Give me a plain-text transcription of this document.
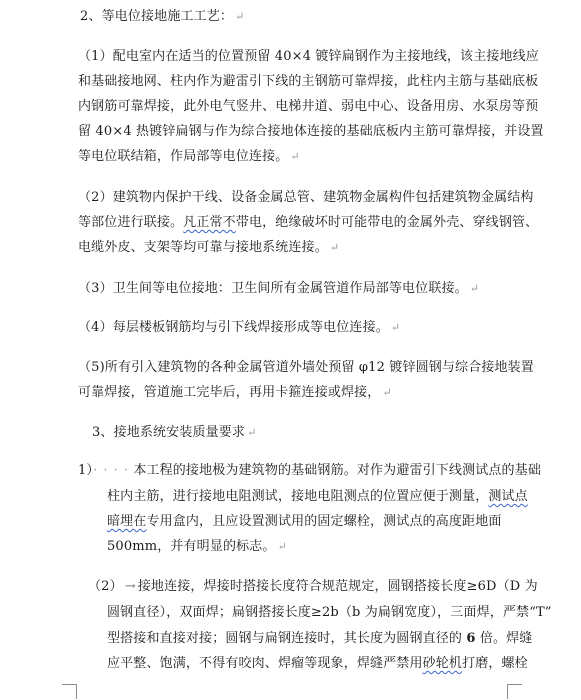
2、等电位接地施工工艺： ↵
（1）配电室内在适当的位置预留 40×4 镀锌扁钢作为主接地线，该主接地线应
和基础接地网、柱内作为避雷引下线的主钢筋可靠焊接，此柱内主筋与基础底板
内钢筋可靠焊接，此外电气竖井、电梯井道、弱电中心、设备用房、水泵房等预
留 40×4 热镀锌扁钢与作为综合接地体连接的基础底板内主筋可靠焊接，并设置
等电位联结箱，作局部等电位连接。 ↵
（2）建筑物内保护干线、设备金属总管、建筑物金属构件包括建筑物金属结构
等部位进行联接。凡正常不带电，绝缘破坏时可能带电的金属外壳、穿线钢管、
电缆外皮、支架等均可靠与接地系统连接。 ↵
（3）卫生间等电位接地：卫生间所有金属管道作局部等电位联接。 ↵
（4）每层楼板钢筋均与引下线焊接形成等电位连接。 ↵
（5)所有引入建筑物的各种金属管道外墙处预留 φ12 镀锌圆钢与综合接地装置
可靠焊接，管道施工完毕后，再用卡箍连接或焊接， ↵
3、接地系统安装质量要求 ↵
1）· · · · 本工程的接地极为建筑物的基础钢筋。对作为避雷引下线测试点的基础
柱内主筋，进行接地电阻测试，接地电阻测点的位置应便于测量，测试点
暗埋在专用盒内，且应设置测试用的固定螺栓，测试点的高度距地面
500mm，并有明显的标志。 ↵
（2） → 接地连接，焊接时搭接长度符合规范规定，圆钢搭接长度≥6D（D 为
圆钢直径），双面焊；扁钢搭接长度≥2b（b 为扁钢宽度），三面焊，严禁“T”
型搭接和直接对接；圆钢与扁钢连接时，其长度为圆钢直径的 6 倍。焊缝
应平整、饱满，不得有咬肉、焊瘤等现象，焊缝严禁用砂轮机打磨，螺栓
